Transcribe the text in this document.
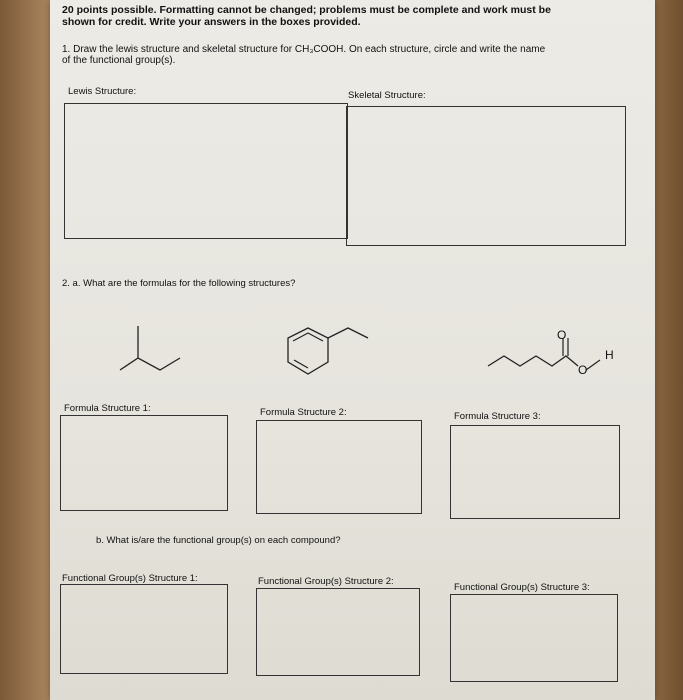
20 points possible. Formatting cannot be changed; problems must be complete and work must be
shown for credit. Write your answers in the boxes provided.
1. Draw the lewis structure and skeletal structure for CH₃COOH. On each structure, circle and write the name
of the functional group(s).
Lewis Structure:	Skeletal Structure:
2. a. What are the formulas for the following structures?
O
O
H
Formula Structure 1:	Formula Structure 2:	Formula Structure 3:
b. What is/are the functional group(s) on each compound?
Functional Group(s) Structure 1:	Functional Group(s) Structure 2:
Functional Group(s) Structure 3:
